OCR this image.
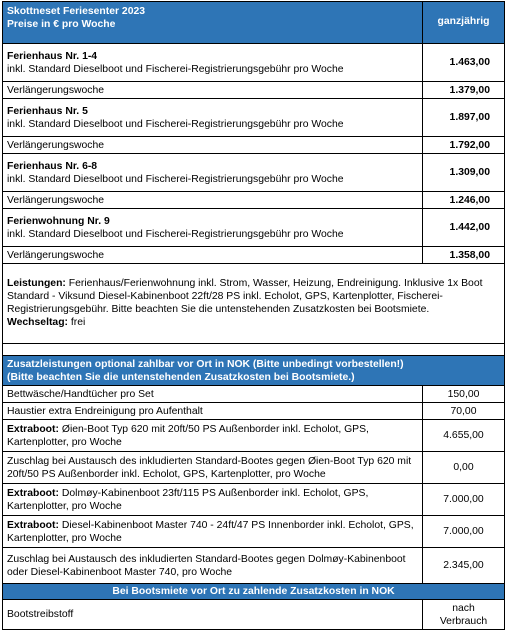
Skottneset Feriesenter 2023
Preise in € pro Woche	ganzjährig

Ferienhaus Nr. 1-4
inkl. Standard Dieselboot und Fischerei-Registrierungsgebühr pro Woche	1.463,00
Verlängerungswoche	1.379,00

Ferienhaus Nr. 5
inkl. Standard Dieselboot und Fischerei-Registrierungsgebühr pro Woche	1.897,00
Verlängerungswoche	1.792,00

Ferienhaus Nr. 6-8
inkl. Standard Dieselboot und Fischerei-Registrierungsgebühr pro Woche	1.309,00
Verlängerungswoche	1.246,00

Ferienwohnung Nr. 9
inkl. Standard Dieselboot und Fischerei-Registrierungsgebühr pro Woche	1.442,00
Verlängerungswoche	1.358,00

Leistungen: Ferienhaus/Ferienwohnung inkl. Strom, Wasser, Heizung, Endreinigung. Inklusive 1x Boot Standard - Viksund Diesel-Kabinenboot 22ft/28 PS inkl. Echolot, GPS, Kartenplotter, Fischerei-Registrierungsgebühr. Bitte beachten Sie die untenstehenden Zusatzkosten bei Bootsmiete.
Wechseltag: frei	

Zusatzleistungen optional zahlbar vor Ort in NOK (Bitte unbedingt vorbestellen!)
(Bitte beachten Sie die untenstehenden Zusatzkosten bei Bootsmiete.)	

Bettwäsche/Handtücher pro Set	150,00
Haustier extra Endreinigung pro Aufenthalt	70,00
Extraboot: Øien-Boot Typ 620 mit 20ft/50 PS Außenborder inkl. Echolot, GPS, Kartenplotter, pro Woche	4.655,00
Zuschlag bei Austausch des inkludierten Standard-Bootes gegen Øien-Boot Typ 620 mit 20ft/50 PS Außenborder inkl. Echolot, GPS, Kartenplotter, pro Woche	0,00
Extraboot: Dolmøy-Kabinenboot 23ft/115 PS Außenborder inkl. Echolot, GPS, Kartenplotter, pro Woche	7.000,00
Extraboot: Diesel-Kabinenboot Master 740 - 24ft/47 PS Innenborder inkl. Echolot, GPS, Kartenplotter, pro Woche	7.000,00
Zuschlag bei Austausch des inkludierten Standard-Bootes gegen Dolmøy-Kabinenboot oder Diesel-Kabinenboot Master 740, pro Woche	2.345,00
Bei Bootsmiete vor Ort zu zahlende Zusatzkosten in NOK	
Bootstreibstoff	nach
Verbrauch
